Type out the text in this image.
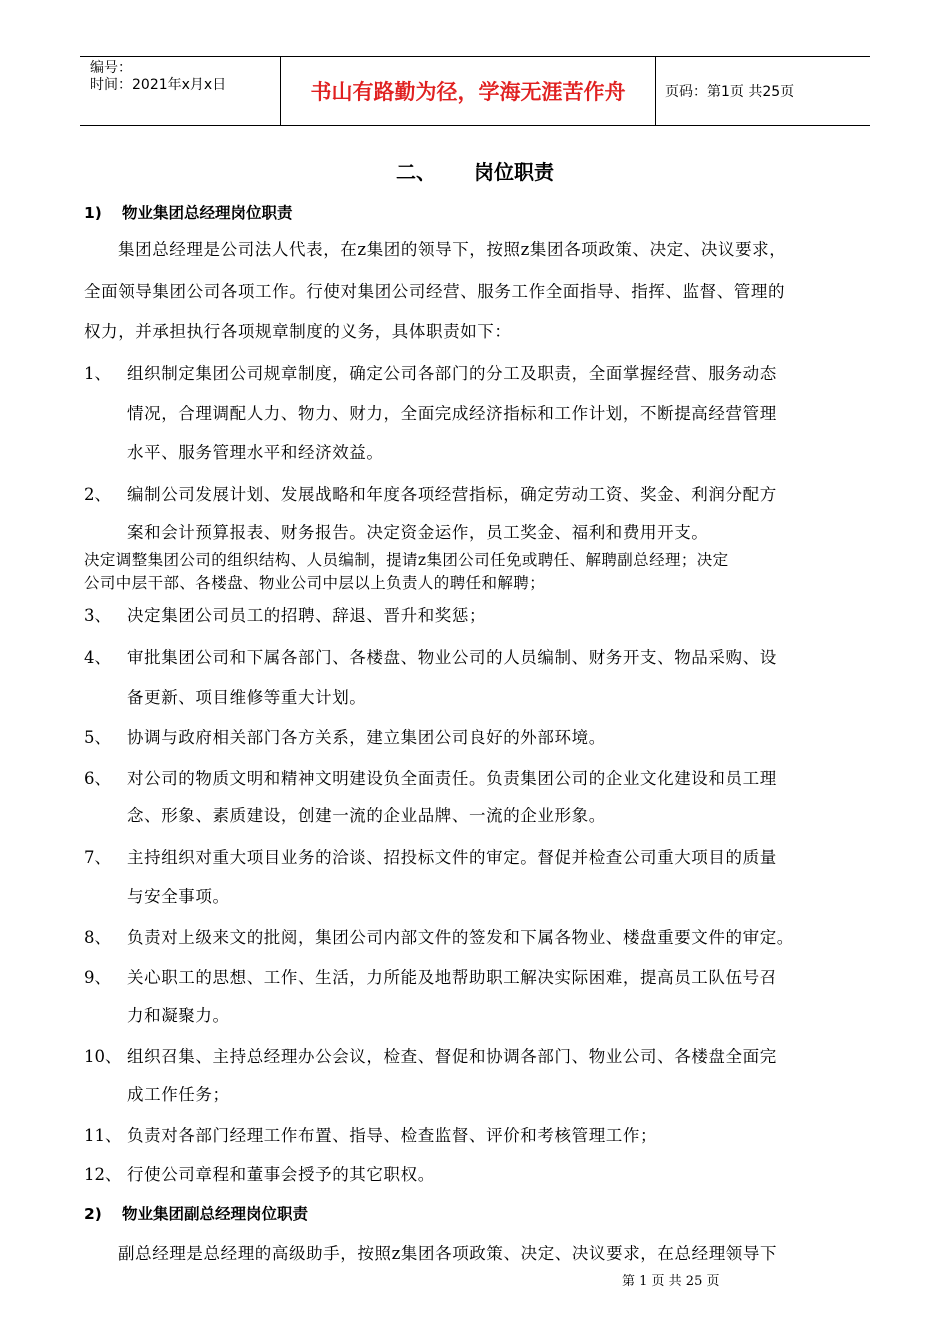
编号：
时间：2021年x月x日	书山有路勤为径，学海无涯苦作舟	页码：第1页 共25页
二、 岗位职责
1) 物业集团总经理岗位职责
集团总经理是公司法人代表，在z集团的领导下，按照z集团各项政策、决定、决议要求，
全面领导集团公司各项工作。行使对集团公司经营、服务工作全面指导、指挥、监督、管理的
权力，并承担执行各项规章制度的义务，具体职责如下：
1、 组织制定集团公司规章制度，确定公司各部门的分工及职责，全面掌握经营、服务动态
情况，合理调配人力、物力、财力，全面完成经济指标和工作计划，不断提高经营管理
水平、服务管理水平和经济效益。
2、 编制公司发展计划、发展战略和年度各项经营指标，确定劳动工资、奖金、利润分配方
案和会计预算报表、财务报告。决定资金运作，员工奖金、福利和费用开支。
决定调整集团公司的组织结构、人员编制，提请z集团公司任免或聘任、解聘副总经理；决定
公司中层干部、各楼盘、物业公司中层以上负责人的聘任和解聘；
3、 决定集团公司员工的招聘、辞退、晋升和奖惩；
4、 审批集团公司和下属各部门、各楼盘、物业公司的人员编制、财务开支、物品采购、设
备更新、项目维修等重大计划。
5、 协调与政府相关部门各方关系，建立集团公司良好的外部环境。
6、 对公司的物质文明和精神文明建设负全面责任。负责集团公司的企业文化建设和员工理
念、形象、素质建设，创建一流的企业品牌、一流的企业形象。
7、 主持组织对重大项目业务的洽谈、招投标文件的审定。督促并检查公司重大项目的质量
与安全事项。
8、 负责对上级来文的批阅，集团公司内部文件的签发和下属各物业、楼盘重要文件的审定。
9、 关心职工的思想、工作、生活，力所能及地帮助职工解决实际困难，提高员工队伍号召
力和凝聚力。
10、 组织召集、主持总经理办公会议，检查、督促和协调各部门、物业公司、各楼盘全面完
成工作任务；
11、 负责对各部门经理工作布置、指导、检查监督、评价和考核管理工作；
12、 行使公司章程和董事会授予的其它职权。
2) 物业集团副总经理岗位职责
副总经理是总经理的高级助手，按照z集团各项政策、决定、决议要求，在总经理领导下
第 1 页 共 25 页
